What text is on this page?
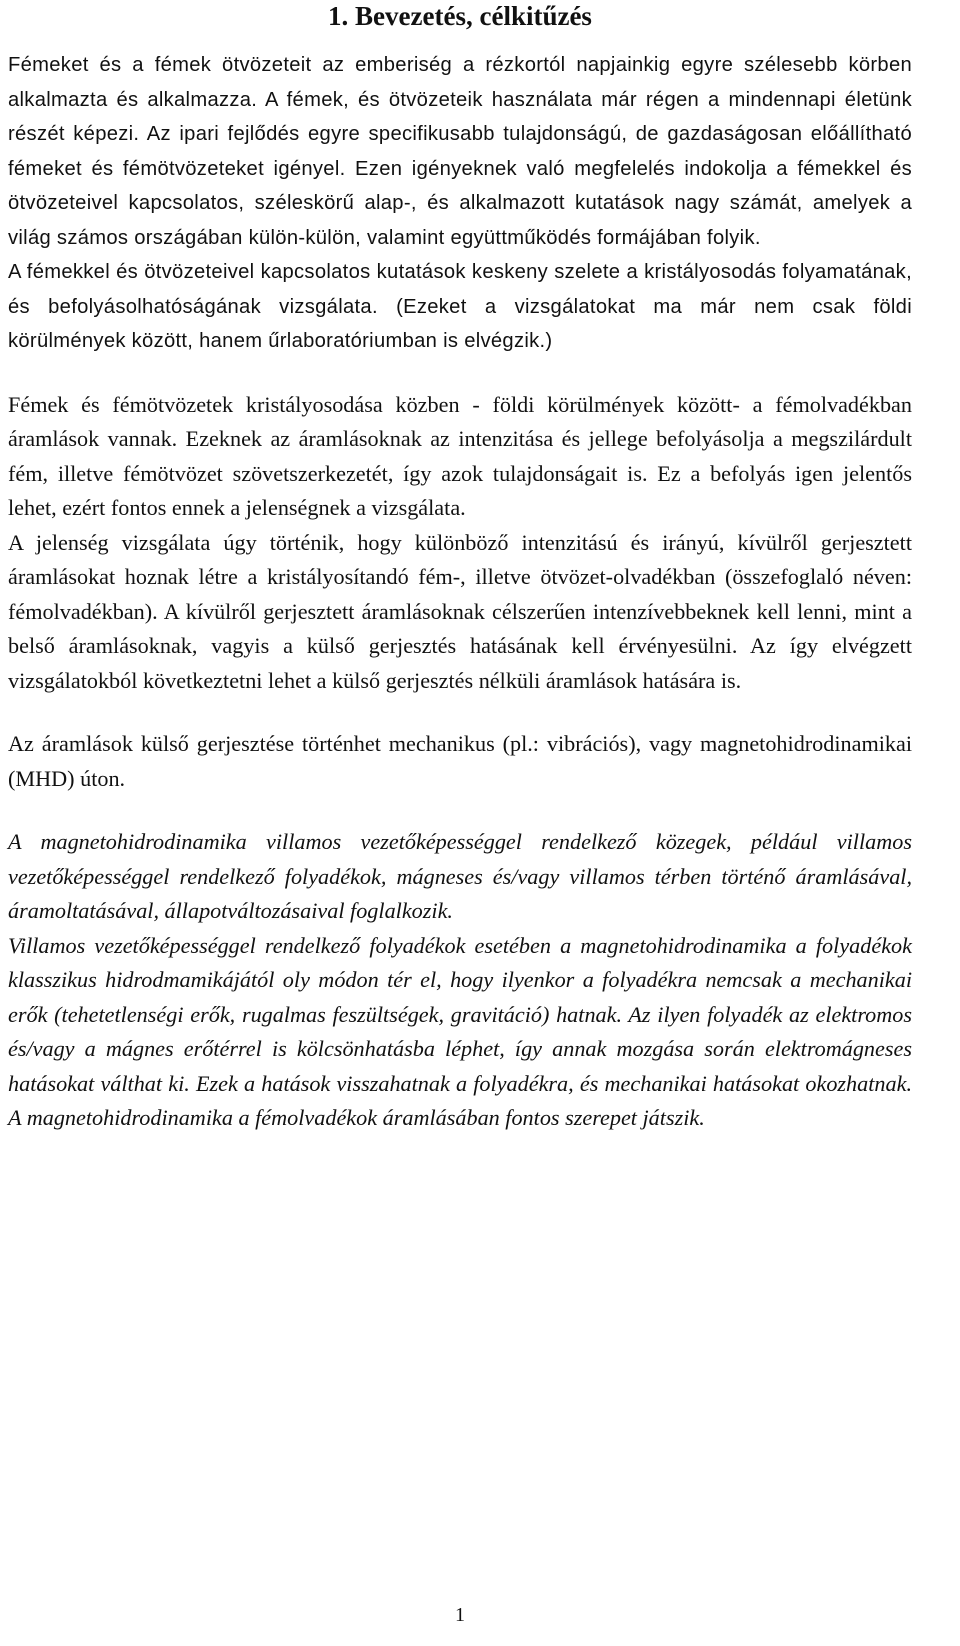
1. Bevezetés, célkitűzés

Fémeket és a fémek ötvözeteit az emberiség a rézkortól napjainkig egyre szélesebb körben alkalmazta és alkalmazza. A fémek, és ötvözeteik használata már régen a mindennapi életünk részét képezi. Az ipari fejlődés egyre specifikusabb tulajdonságú, de gazdaságosan előállítható fémeket és fémötvözeteket igényel. Ezen igényeknek való megfelelés indokolja a fémekkel és ötvözeteivel kapcsolatos, széleskörű alap-, és alkalmazott kutatások nagy számát, amelyek a világ számos országában külön-külön, valamint együttműködés formájában folyik.

A fémekkel és ötvözeteivel kapcsolatos kutatások keskeny szelete a kristályosodás folyamatának, és befolyásolhatóságának vizsgálata. (Ezeket a vizsgálatokat ma már nem csak földi körülmények között, hanem űrlaboratóriumban is elvégzik.)

Fémek és fémötvözetek kristályosodása közben - földi körülmények között- a fémolvadékban áramlások vannak. Ezeknek az áramlásoknak az intenzitása és jellege befolyásolja a megszilárdult fém, illetve fémötvözet szövetszerkezetét, így azok tulajdonságait is. Ez a befolyás igen jelentős lehet, ezért fontos ennek a jelenségnek a vizsgálata.

A jelenség vizsgálata úgy történik, hogy különböző intenzitású és irányú, kívülről gerjesztett áramlásokat hoznak létre a kristályosítandó fém-, illetve ötvözet-olvadékban (összefoglaló néven: fémolvadékban). A kívülről gerjesztett áramlásoknak célszerűen intenzívebbeknek kell lenni, mint a belső áramlásoknak, vagyis a külső gerjesztés hatásának kell érvényesülni. Az így elvégzett vizsgálatokból következtetni lehet a külső gerjesztés nélküli áramlások hatására is.

Az áramlások külső gerjesztése történhet mechanikus (pl.: vibrációs), vagy magnetohidrodinamikai (MHD) úton.

A magnetohidrodinamika villamos vezetőképességgel rendelkező közegek, például villamos vezetőképességgel rendelkező folyadékok, mágneses és/vagy villamos térben történő áramlásával, áramoltatásával, állapotváltozásaival foglalkozik.

Villamos vezetőképességgel rendelkező folyadékok esetében a magnetohidrodinamika a folyadékok klasszikus hidrodmamikájától oly módon tér el, hogy ilyenkor a folyadékra nemcsak a mechanikai erők (tehetetlenségi erők, rugalmas feszültségek, gravitáció) hatnak. Az ilyen folyadék az elektromos és/vagy a mágnes erőtérrel is kölcsönhatásba léphet, így annak mozgása során elektromágneses hatásokat válthat ki. Ezek a hatások visszahatnak a folyadékra, és mechanikai hatásokat okozhatnak. A magnetohidrodinamika a fémolvadékok áramlásában fontos szerepet játszik.

1
